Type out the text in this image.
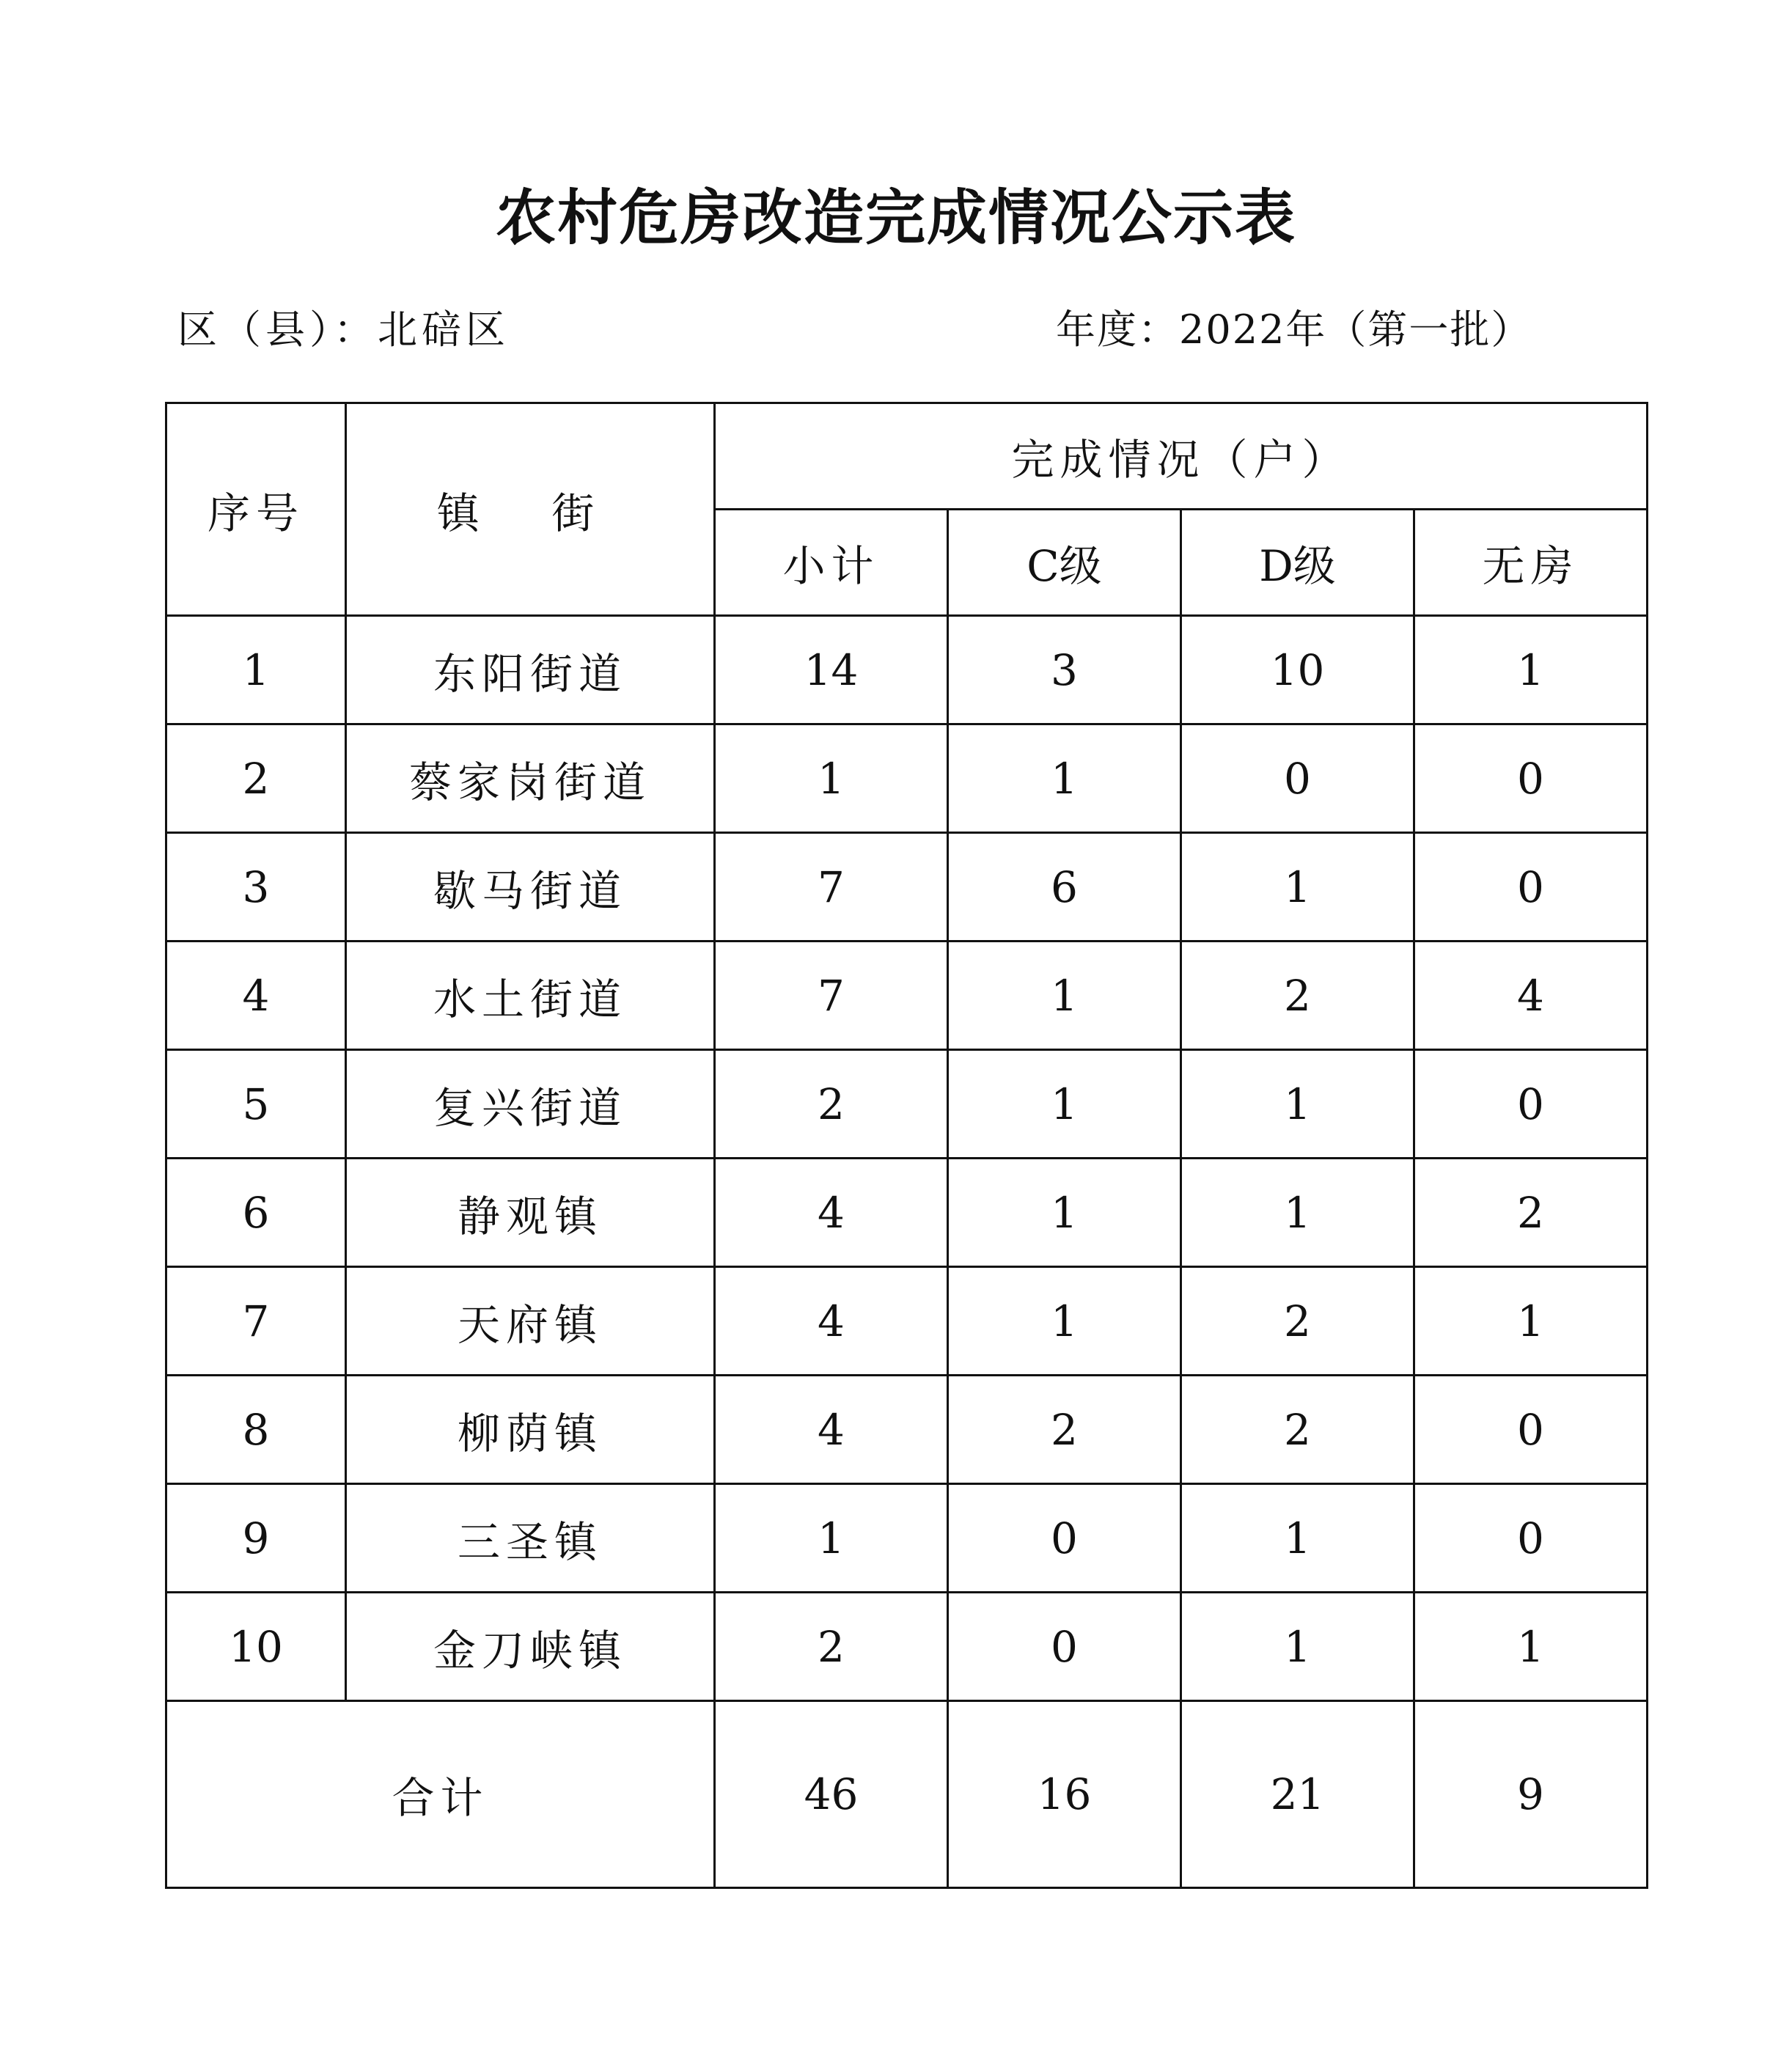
农村危房改造完成情况公示表
区（县）：北碚区	年度：2022年（第一批）
序号	镇 街	完成情况（户）			
		小计	C级	D级	无房
1	东阳街道	14	3	10	1
2	蔡家岗街道	1	1	0	0
3	歇马街道	7	6	1	0
4	水土街道	7	1	2	4
5	复兴街道	2	1	1	0
6	静观镇	4	1	1	2
7	天府镇	4	1	2	1
8	柳荫镇	4	2	2	0
9	三圣镇	1	0	1	0
10	金刀峡镇	2	0	1	1
合计		46	16	21	9
